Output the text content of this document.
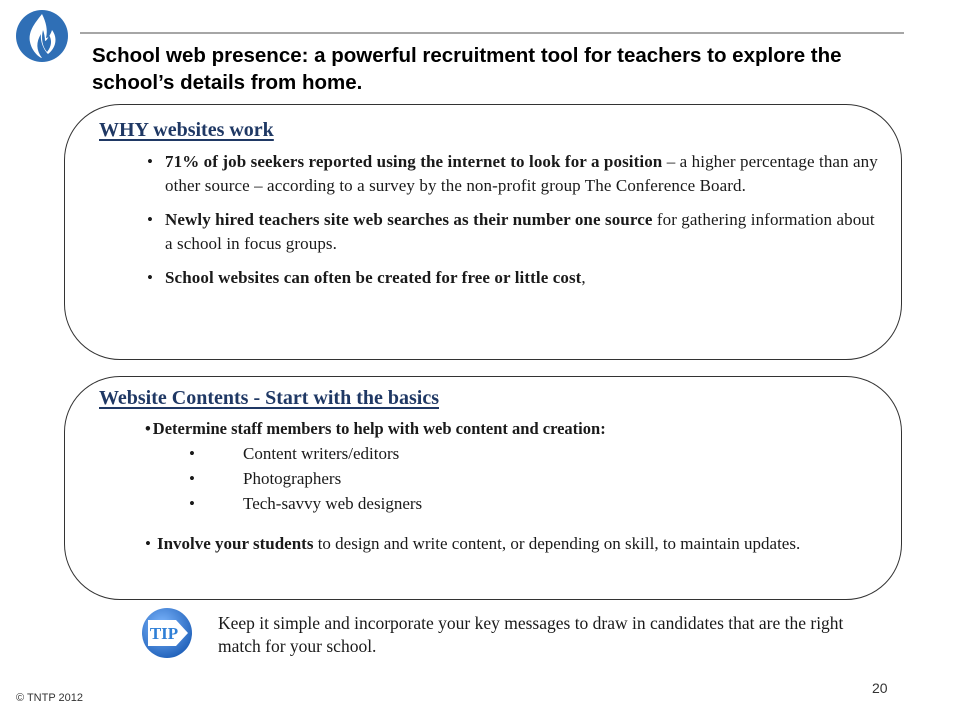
School web presence: a powerful recruitment tool for teachers to explore the school’s details from home.
WHY websites work
• 71% of job seekers reported using the internet to look for a position – a higher percentage than any other source – according to a survey by the non-profit group The Conference Board.
• Newly hired teachers site web searches as their number one source for gathering information about a school in focus groups.
• School websites can often be created for free or little cost,
Website Contents - Start with the basics
• Determine staff members to help with web content and creation:
• Content writers/editors
• Photographers
• Tech-savvy web designers
• Involve your students to design and write content, or depending on skill, to maintain updates.
TIP
Keep it simple and incorporate your key messages to draw in candidates that are the right match for your school.
© TNTP 2012
20
